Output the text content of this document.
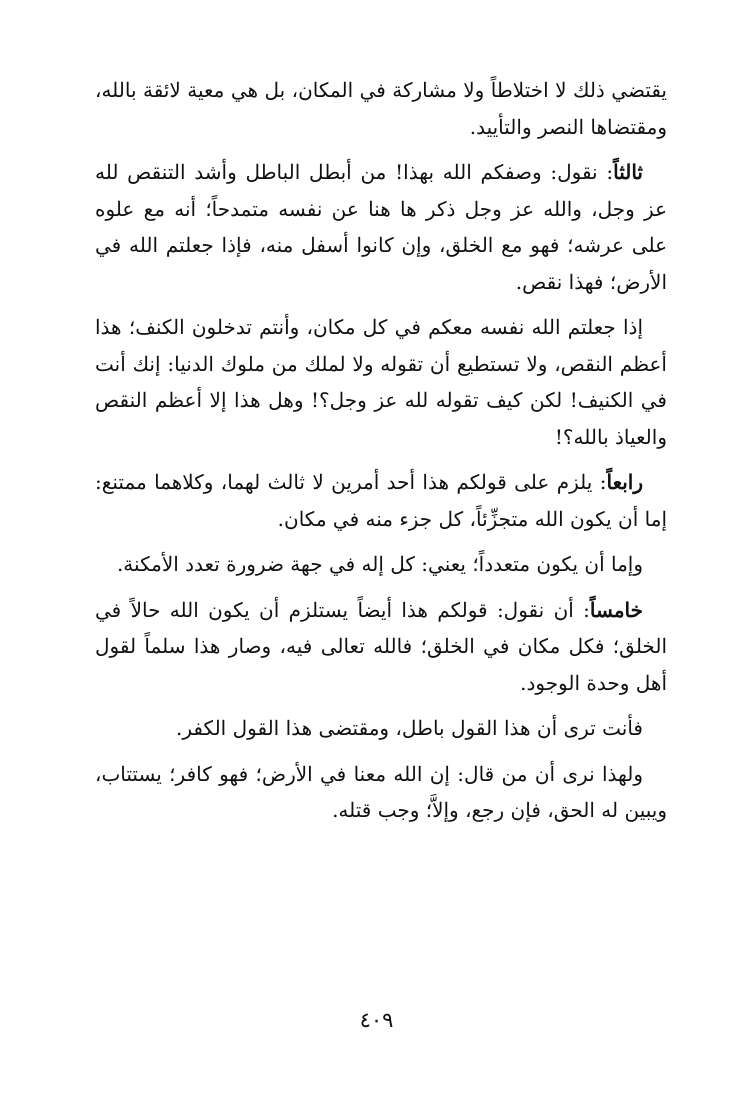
يقتضي ذلك لا اختلاطاً ولا مشاركة في المكان، بل هي معية لائقة بالله، ومقتضاها النصر والتأييد.

ثالثاً: نقول: وصفكم الله بهذا! من أبطل الباطل وأشد التنقص لله عز وجل، والله عز وجل ذكر ها هنا عن نفسه متمدحاً؛ أنه مع علوه على عرشه؛ فهو مع الخلق، وإن كانوا أسفل منه، فإذا جعلتم الله في الأرض؛ فهذا نقص.

إذا جعلتم الله نفسه معكم في كل مكان، وأنتم تدخلون الكنف؛ هذا أعظم النقص، ولا تستطيع أن تقوله ولا لملك من ملوك الدنيا: إنك أنت في الكنيف! لكن كيف تقوله لله عز وجل؟! وهل هذا إلا أعظم النقص والعياذ بالله؟!

رابعاً: يلزم على قولكم هذا أحد أمرين لا ثالث لهما، وكلاهما ممتنع: إما أن يكون الله متجزِّئاً، كل جزء منه في مكان.

وإما أن يكون متعدداً؛ يعني: كل إله في جهة ضرورة تعدد الأمكنة.

خامساً: أن نقول: قولكم هذا أيضاً يستلزم أن يكون الله حالاً في الخلق؛ فكل مكان في الخلق؛ فالله تعالى فيه، وصار هذا سلماً لقول أهل وحدة الوجود.

فأنت ترى أن هذا القول باطل، ومقتضى هذا القول الكفر.

ولهذا نرى أن من قال: إن الله معنا في الأرض؛ فهو كافر؛ يستتاب، ويبين له الحق، فإن رجع، وإلاَّ؛ وجب قتله.

٤٠٩
